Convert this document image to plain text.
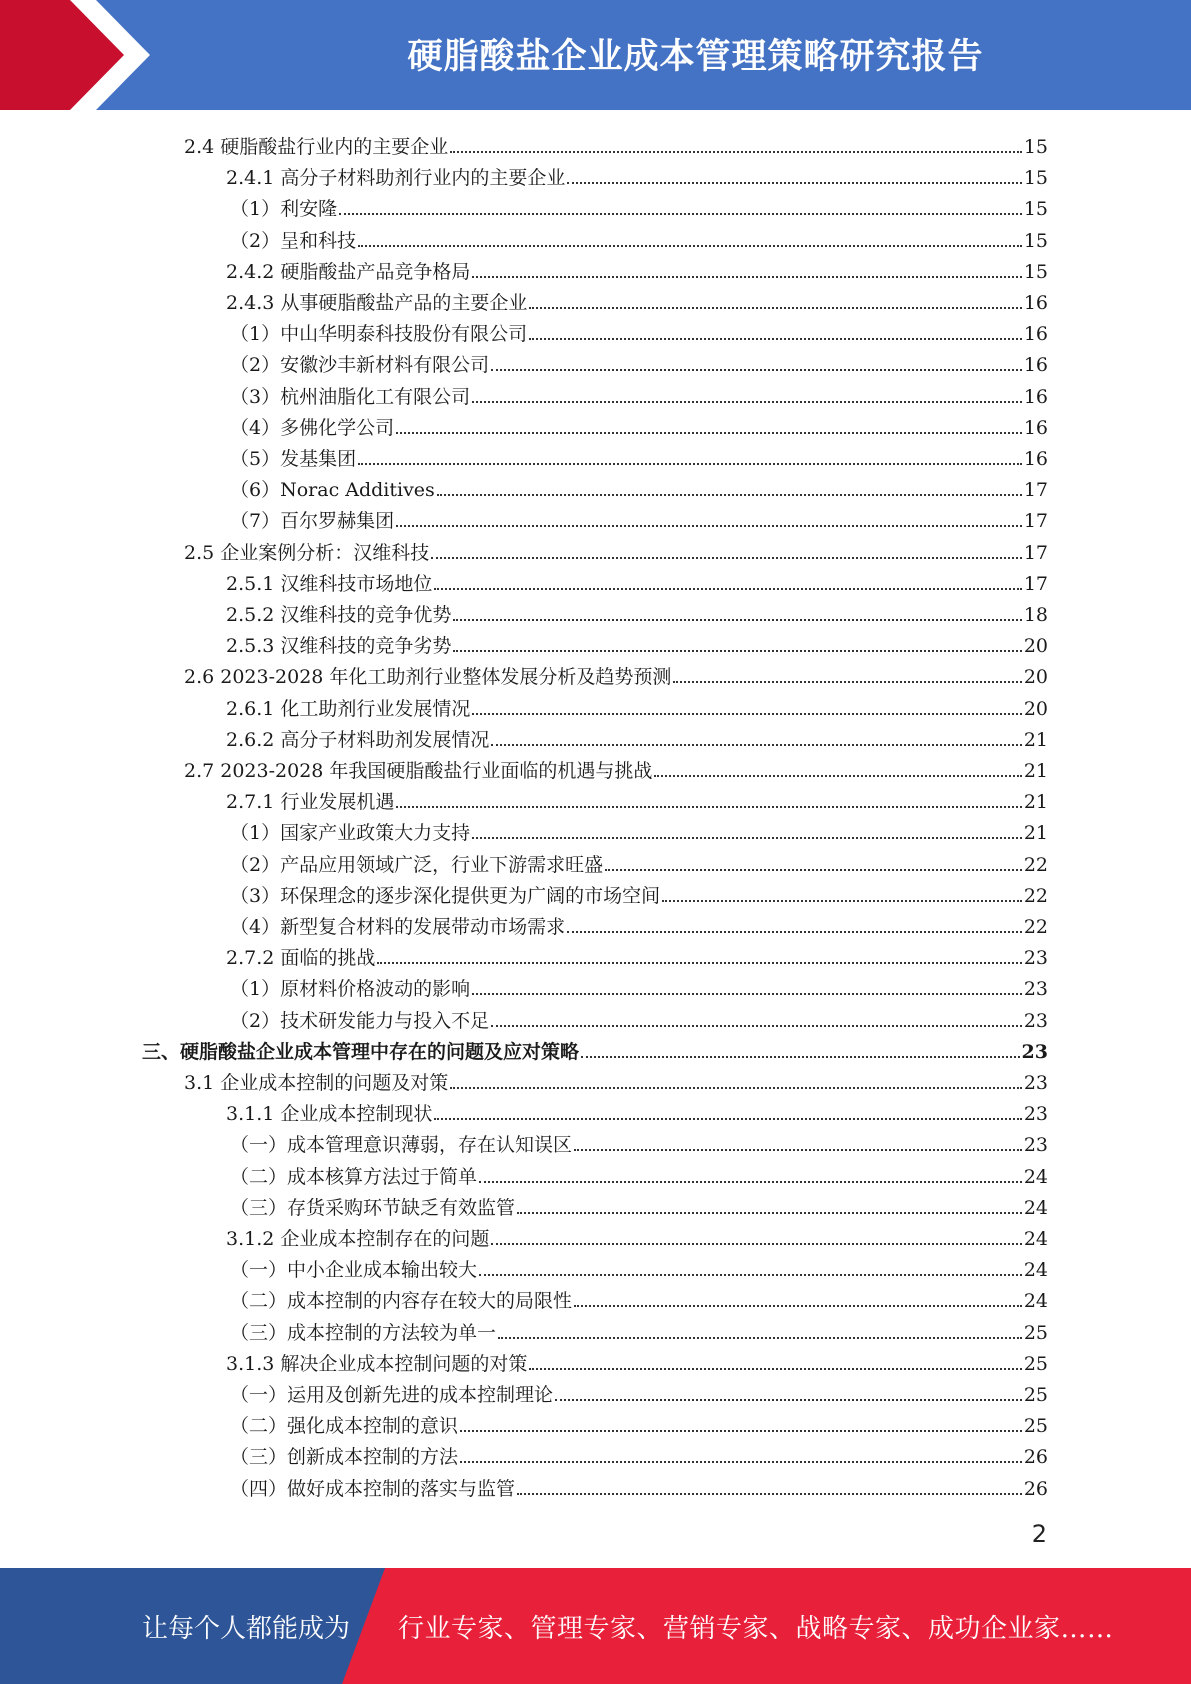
硬脂酸盐企业成本管理策略研究报告
2.4 硬脂酸盐行业内的主要企业	15
2.4.1 高分子材料助剂行业内的主要企业	15
（1）利安隆	15
（2）呈和科技	15
2.4.2 硬脂酸盐产品竞争格局	15
2.4.3 从事硬脂酸盐产品的主要企业	16
（1）中山华明泰科技股份有限公司	16
（2）安徽沙丰新材料有限公司	16
（3）杭州油脂化工有限公司	16
（4）多佛化学公司	16
（5）发基集团	16
（6）Norac Additives	17
（7）百尔罗赫集团	17
2.5 企业案例分析：汉维科技	17
2.5.1 汉维科技市场地位	17
2.5.2 汉维科技的竞争优势	18
2.5.3 汉维科技的竞争劣势	20
2.6 2023-2028 年化工助剂行业整体发展分析及趋势预测	20
2.6.1 化工助剂行业发展情况	20
2.6.2 高分子材料助剂发展情况	21
2.7 2023-2028 年我国硬脂酸盐行业面临的机遇与挑战	21
2.7.1 行业发展机遇	21
（1）国家产业政策大力支持	21
（2）产品应用领域广泛，行业下游需求旺盛	22
（3）环保理念的逐步深化提供更为广阔的市场空间	22
（4）新型复合材料的发展带动市场需求	22
2.7.2 面临的挑战	23
（1）原材料价格波动的影响	23
（2）技术研发能力与投入不足	23
三、硬脂酸盐企业成本管理中存在的问题及应对策略	23
3.1 企业成本控制的问题及对策	23
3.1.1 企业成本控制现状	23
（一）成本管理意识薄弱，存在认知误区	23
（二）成本核算方法过于简单	24
（三）存货采购环节缺乏有效监管	24
3.1.2 企业成本控制存在的问题	24
（一）中小企业成本输出较大	24
（二）成本控制的内容存在较大的局限性	24
（三）成本控制的方法较为单一	25
3.1.3 解决企业成本控制问题的对策	25
（一）运用及创新先进的成本控制理论	25
（二）强化成本控制的意识	25
（三）创新成本控制的方法	26
（四）做好成本控制的落实与监管	26
2
让每个人都能成为 行业专家、管理专家、营销专家、战略专家、成功企业家……
